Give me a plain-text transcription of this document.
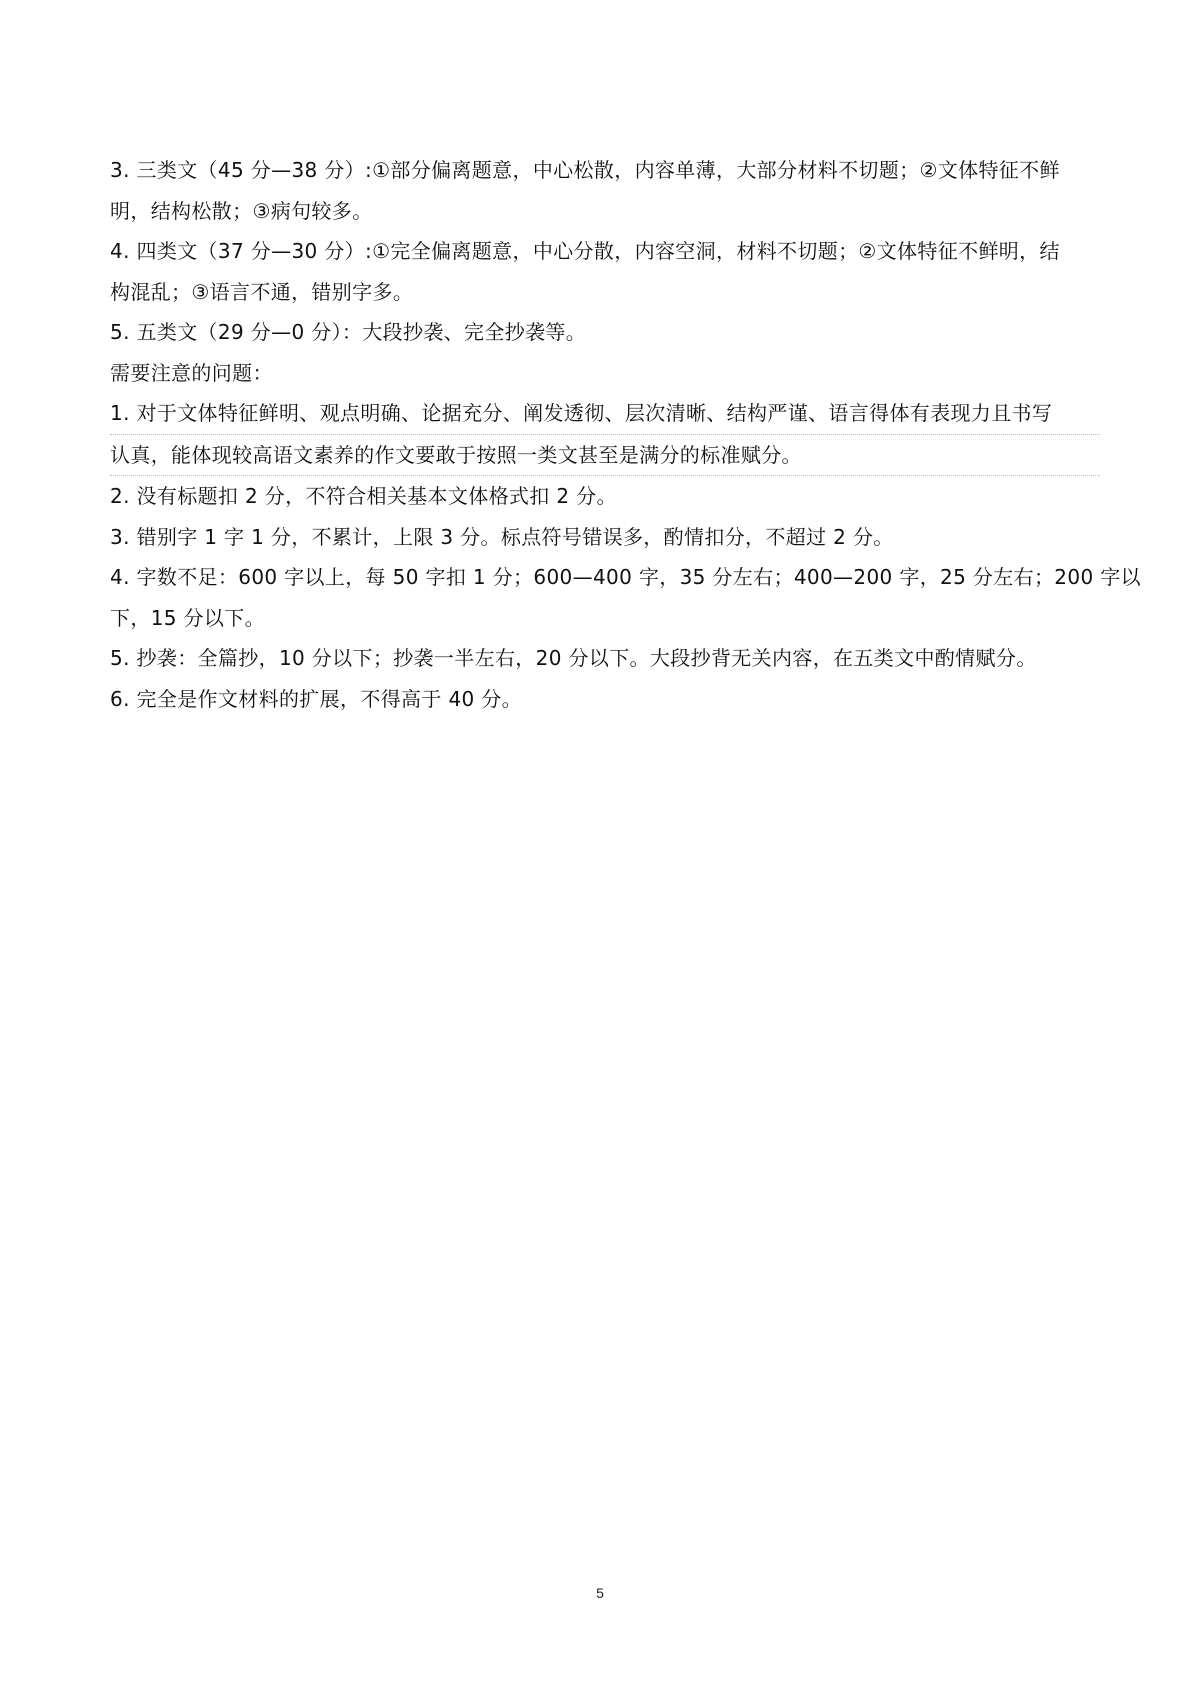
3. 三类文（45 分—38 分）:①部分偏离题意，中心松散，内容单薄，大部分材料不切题；②文体特征不鲜

明，结构松散；③病句较多。

4. 四类文（37 分—30 分）:①完全偏离题意，中心分散，内容空洞，材料不切题；②文体特征不鲜明，结

构混乱；③语言不通，错别字多。

5. 五类文（29 分—0 分）：大段抄袭、完全抄袭等。

需要注意的问题：

1. 对于文体特征鲜明、观点明确、论据充分、阐发透彻、层次清晰、结构严谨、语言得体有表现力且书写

认真，能体现较高语文素养的作文要敢于按照一类文甚至是满分的标准赋分。

2. 没有标题扣 2 分，不符合相关基本文体格式扣 2 分。

3. 错别字 1 字 1 分，不累计，上限 3 分。标点符号错误多，酌情扣分，不超过 2 分。

4. 字数不足：600 字以上，每 50 字扣 1 分；600—400 字，35 分左右；400—200 字，25 分左右；200 字以

下，15 分以下。

5. 抄袭：全篇抄，10 分以下；抄袭一半左右，20 分以下。大段抄背无关内容，在五类文中酌情赋分。

6. 完全是作文材料的扩展，不得高于 40 分。

5
